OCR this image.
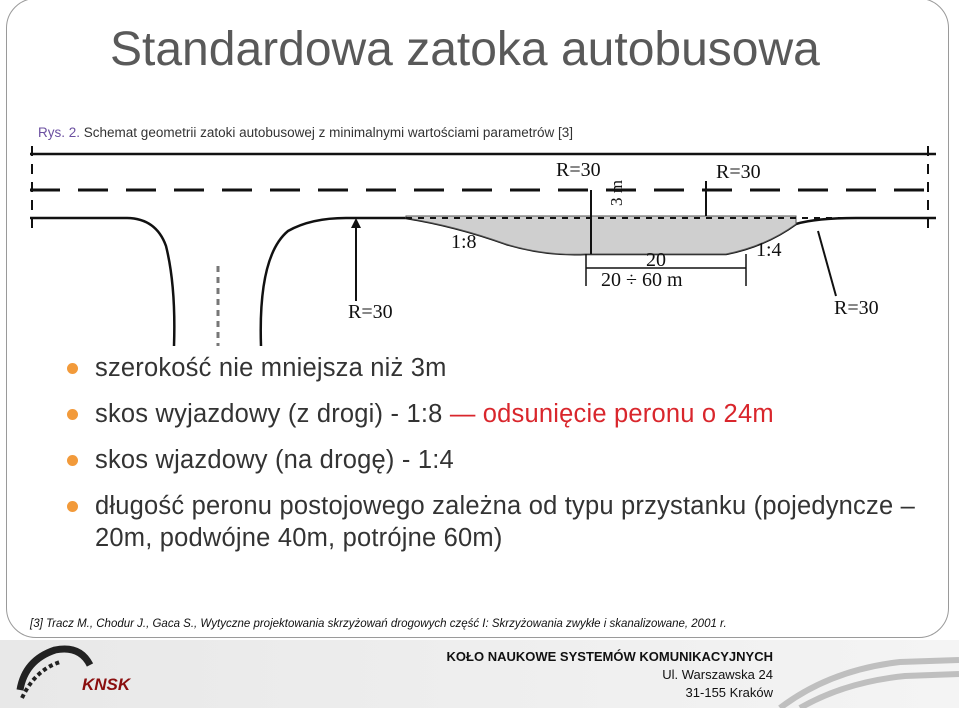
Standardowa zatoka autobusowa
Rys. 2. Schemat geometrii zatoki autobusowej z minimalnymi wartościami parametrów [3]
R=30	R=30
R=30	R=30
3 m
1:8	1:4
20
20 ÷ 60 m
szerokość nie mniejsza niż 3m
skos wyjazdowy (z drogi) - 1:8 — odsunięcie peronu o 24m
skos wjazdowy (na drogę) - 1:4
długość peronu postojowego zależna od typu przystanku (pojedyncze – 20m, podwójne 40m, potrójne 60m)
[3] Tracz M., Chodur J., Gaca S., Wytyczne projektowania skrzyżowań drogowych część I: Skrzyżowania zwykłe i skanalizowane, 2001 r.
KNSK
KOŁO NAUKOWE SYSTEMÓW KOMUNIKACYJNYCH
Ul. Warszawska 24
31-155 Kraków
